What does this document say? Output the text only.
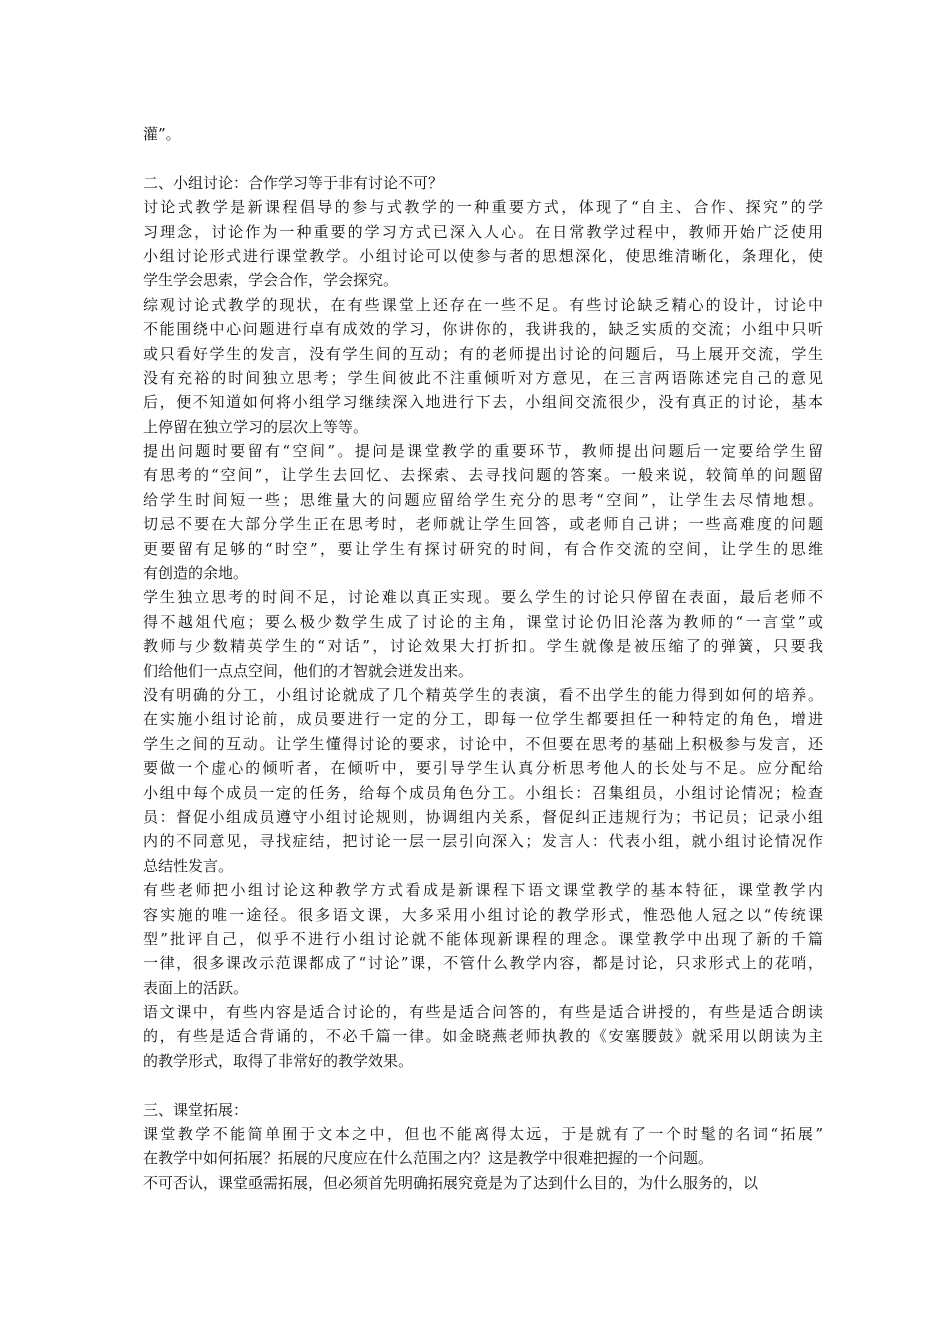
灌”。
二、小组讨论：合作学习等于非有讨论不可？
讨论式教学是新课程倡导的参与式教学的一种重要方式，体现了“自主、合作、探究”的学
习理念，讨论作为一种重要的学习方式已深入人心。在日常教学过程中，教师开始广泛使用
小组讨论形式进行课堂教学。小组讨论可以使参与者的思想深化，使思维清晰化，条理化，使
学生学会思索，学会合作，学会探究。
综观讨论式教学的现状，在有些课堂上还存在一些不足。有些讨论缺乏精心的设计，讨论中
不能围绕中心问题进行卓有成效的学习，你讲你的，我讲我的，缺乏实质的交流；小组中只听
或只看好学生的发言，没有学生间的互动；有的老师提出讨论的问题后，马上展开交流，学生
没有充裕的时间独立思考；学生间彼此不注重倾听对方意见，在三言两语陈述完自己的意见
后，便不知道如何将小组学习继续深入地进行下去，小组间交流很少，没有真正的讨论，基本
上停留在独立学习的层次上等等。
提出问题时要留有“空间”。提问是课堂教学的重要环节，教师提出问题后一定要给学生留
有思考的“空间”，让学生去回忆、去探索、去寻找问题的答案。一般来说，较简单的问题留
给学生时间短一些；思维量大的问题应留给学生充分的思考“空间”，让学生去尽情地想。
切忌不要在大部分学生正在思考时，老师就让学生回答，或老师自己讲；一些高难度的问题
更要留有足够的“时空”，要让学生有探讨研究的时间，有合作交流的空间，让学生的思维
有创造的余地。
学生独立思考的时间不足，讨论难以真正实现。要么学生的讨论只停留在表面，最后老师不
得不越俎代庖；要么极少数学生成了讨论的主角，课堂讨论仍旧沦落为教师的“一言堂”或
教师与少数精英学生的“对话”，讨论效果大打折扣。学生就像是被压缩了的弹簧，只要我
们给他们一点点空间，他们的才智就会迸发出来。
没有明确的分工，小组讨论就成了几个精英学生的表演，看不出学生的能力得到如何的培养。
在实施小组讨论前，成员要进行一定的分工，即每一位学生都要担任一种特定的角色，增进
学生之间的互动。让学生懂得讨论的要求，讨论中，不但要在思考的基础上积极参与发言，还
要做一个虚心的倾听者，在倾听中，要引导学生认真分析思考他人的长处与不足。应分配给
小组中每个成员一定的任务，给每个成员角色分工。小组长：召集组员，小组讨论情况；检查
员：督促小组成员遵守小组讨论规则，协调组内关系，督促纠正违规行为；书记员；记录小组
内的不同意见，寻找症结，把讨论一层一层引向深入；发言人：代表小组，就小组讨论情况作
总结性发言。
有些老师把小组讨论这种教学方式看成是新课程下语文课堂教学的基本特征，课堂教学内
容实施的唯一途径。很多语文课，大多采用小组讨论的教学形式，惟恐他人冠之以“传统课
型”批评自己，似乎不进行小组讨论就不能体现新课程的理念。课堂教学中出现了新的千篇
一律，很多课改示范课都成了“讨论”课，不管什么教学内容，都是讨论，只求形式上的花哨，
表面上的活跃。
语文课中，有些内容是适合讨论的，有些是适合问答的，有些是适合讲授的，有些是适合朗读
的，有些是适合背诵的，不必千篇一律。如金晓燕老师执教的《安塞腰鼓》就采用以朗读为主
的教学形式，取得了非常好的教学效果。
三、课堂拓展：
课堂教学不能简单囿于文本之中，但也不能离得太远，于是就有了一个时髦的名词“拓展”
在教学中如何拓展？拓展的尺度应在什么范围之内？这是教学中很难把握的一个问题。
不可否认，课堂亟需拓展，但必须首先明确拓展究竟是为了达到什么目的，为什么服务的，以
